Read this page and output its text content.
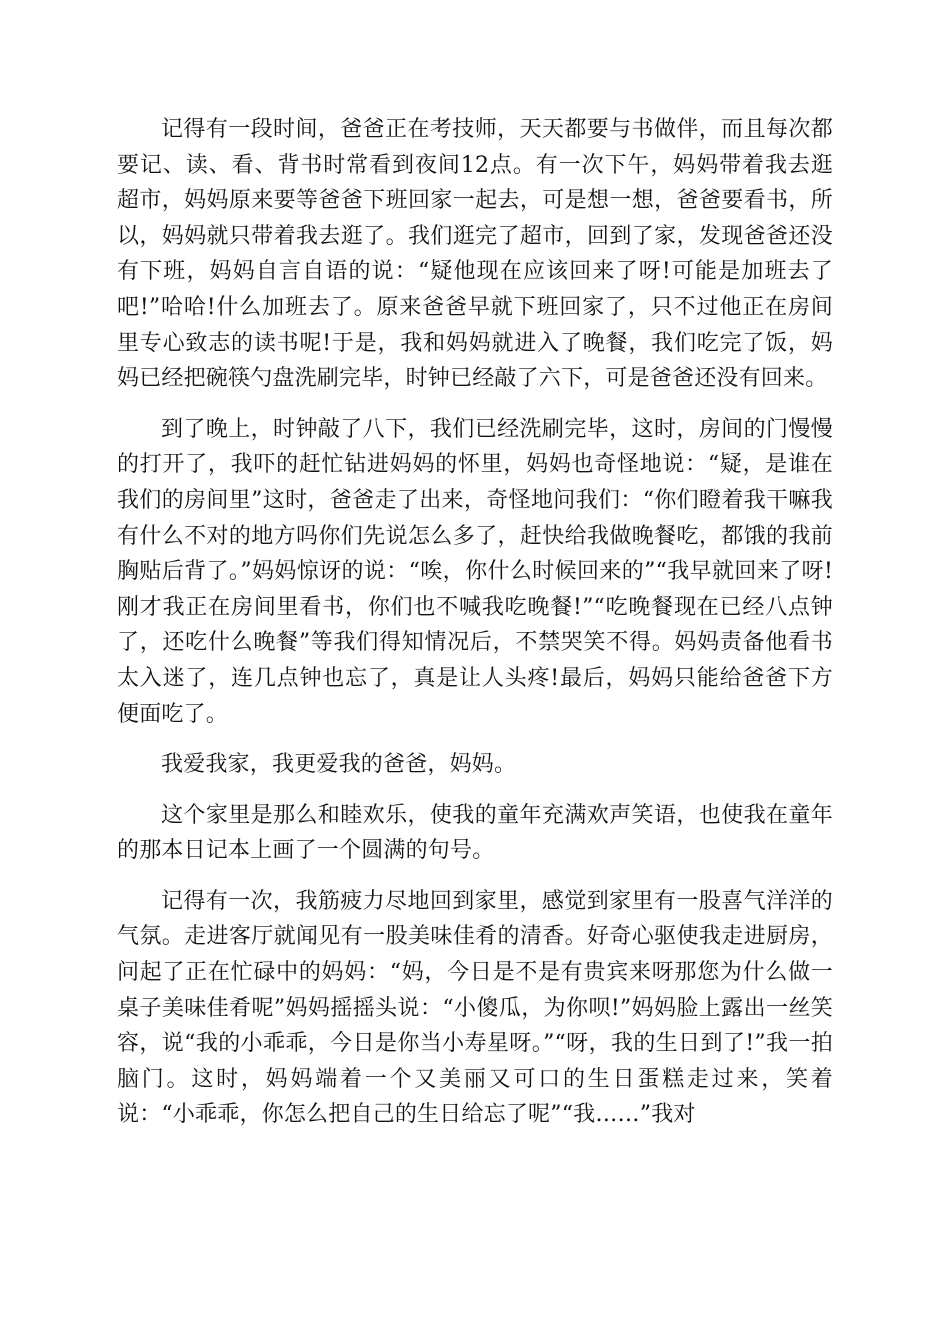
记得有一段时间，爸爸正在考技师，天天都要与书做伴，而且每次都要记、读、看、背书时常看到夜间12点。有一次下午，妈妈带着我去逛超市，妈妈原来要等爸爸下班回家一起去，可是想一想，爸爸要看书，所以，妈妈就只带着我去逛了。我们逛完了超市，回到了家，发现爸爸还没有下班，妈妈自言自语的说：“疑他现在应该回来了呀!可能是加班去了吧!”哈哈!什么加班去了。原来爸爸早就下班回家了，只不过他正在房间里专心致志的读书呢!于是，我和妈妈就进入了晚餐，我们吃完了饭，妈妈已经把碗筷勺盘洗刷完毕，时钟已经敲了六下，可是爸爸还没有回来。

到了晚上，时钟敲了八下，我们已经洗刷完毕，这时，房间的门慢慢的打开了，我吓的赶忙钻进妈妈的怀里，妈妈也奇怪地说：“疑，是谁在我们的房间里”这时，爸爸走了出来，奇怪地问我们：“你们瞪着我干嘛我有什么不对的地方吗你们先说怎么多了，赶快给我做晚餐吃，都饿的我前胸贴后背了。”妈妈惊讶的说：“唉，你什么时候回来的”“我早就回来了呀!刚才我正在房间里看书，你们也不喊我吃晚餐!”“吃晚餐现在已经八点钟了，还吃什么晚餐”等我们得知情况后，不禁哭笑不得。妈妈责备他看书太入迷了，连几点钟也忘了，真是让人头疼!最后，妈妈只能给爸爸下方便面吃了。

我爱我家，我更爱我的爸爸，妈妈。

这个家里是那么和睦欢乐，使我的童年充满欢声笑语，也使我在童年的那本日记本上画了一个圆满的句号。

记得有一次，我筋疲力尽地回到家里，感觉到家里有一股喜气洋洋的气氛。走进客厅就闻见有一股美味佳肴的清香。好奇心驱使我走进厨房，问起了正在忙碌中的妈妈：“妈，今日是不是有贵宾来呀那您为什么做一桌子美味佳肴呢”妈妈摇摇头说：“小傻瓜，为你呗!”妈妈脸上露出一丝笑容，说“我的小乖乖，今日是你当小寿星呀。”“呀，我的生日到了!”我一拍脑门。这时，妈妈端着一个又美丽又可口的生日蛋糕走过来，笑着说：“小乖乖，你怎么把自己的生日给忘了呢”“我……”我对
